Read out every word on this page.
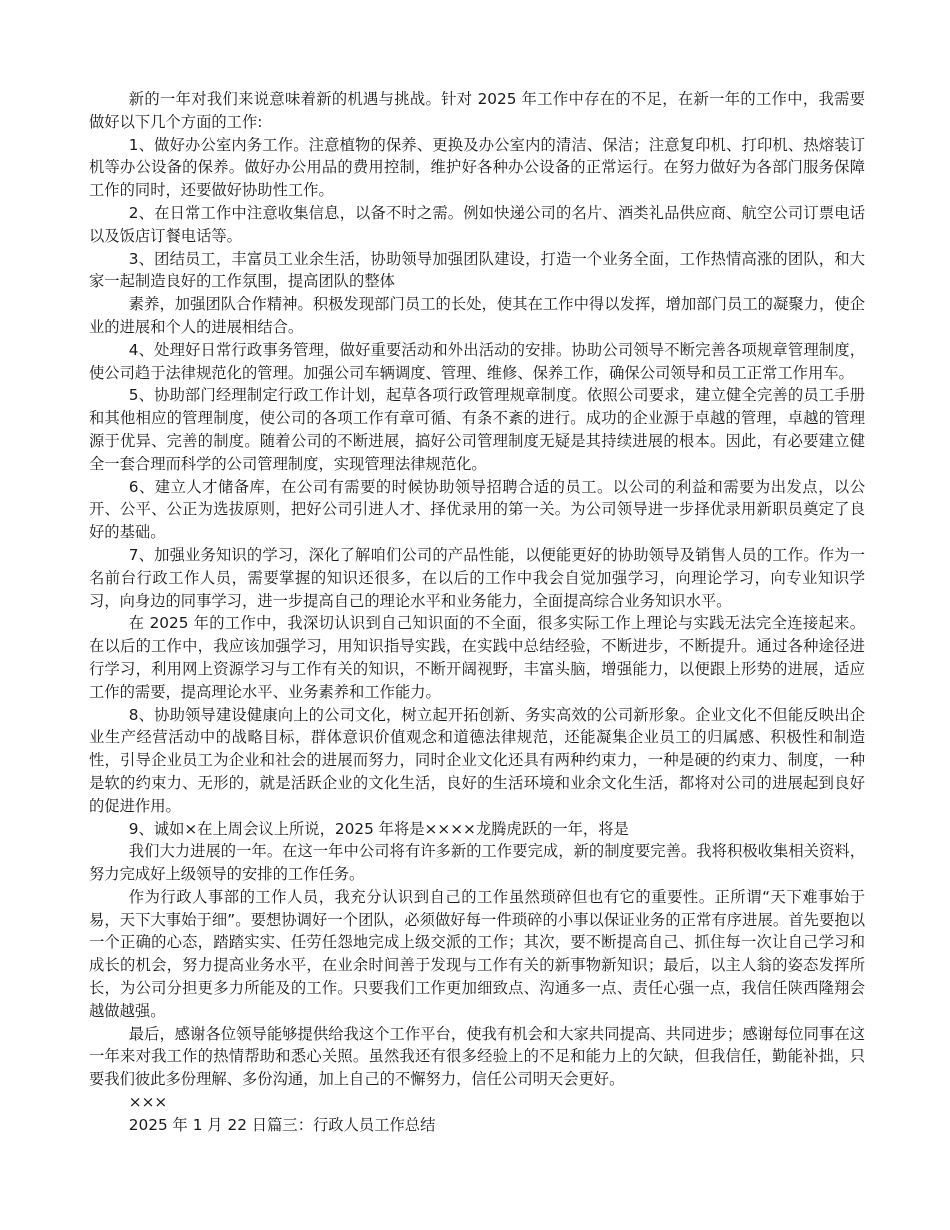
新的一年对我们来说意味着新的机遇与挑战。针对 2025 年工作中存在的不足，在新一年的工作中，我需要做好以下几个方面的工作:

1、做好办公室内务工作。注意植物的保养、更换及办公室内的清洁、保洁；注意复印机、打印机、热熔装订机等办公设备的保养。做好办公用品的费用控制，维护好各种办公设备的正常运行。在努力做好为各部门服务保障工作的同时，还要做好协助性工作。

2、在日常工作中注意收集信息，以备不时之需。例如快递公司的名片、酒类礼品供应商、航空公司订票电话以及饭店订餐电话等。

3、团结员工，丰富员工业余生活，协助领导加强团队建设，打造一个业务全面，工作热情高涨的团队，和大家一起制造良好的工作氛围，提高团队的整体

素养，加强团队合作精神。积极发现部门员工的长处，使其在工作中得以发挥，增加部门员工的凝聚力，使企业的进展和个人的进展相结合。

4、处理好日常行政事务管理，做好重要活动和外出活动的安排。协助公司领导不断完善各项规章管理制度，使公司趋于法律规范化的管理。加强公司车辆调度、管理、维修、保养工作，确保公司领导和员工正常工作用车。

5、协助部门经理制定行政工作计划，起草各项行政管理规章制度。依照公司要求，建立健全完善的员工手册和其他相应的管理制度，使公司的各项工作有章可循、有条不紊的进行。成功的企业源于卓越的管理，卓越的管理源于优异、完善的制度。随着公司的不断进展，搞好公司管理制度无疑是其持续进展的根本。因此，有必要建立健全一套合理而科学的公司管理制度，实现管理法律规范化。

6、建立人才储备库，在公司有需要的时候协助领导招聘合适的员工。以公司的利益和需要为出发点，以公开、公平、公正为选拔原则，把好公司引进人才、择优录用的第一关。为公司领导进一步择优录用新职员奠定了良好的基础。

7、加强业务知识的学习，深化了解咱们公司的产品性能，以便能更好的协助领导及销售人员的工作。作为一名前台行政工作人员，需要掌握的知识还很多，在以后的工作中我会自觉加强学习，向理论学习，向专业知识学习，向身边的同事学习，进一步提高自己的理论水平和业务能力，全面提高综合业务知识水平。

在 2025 年的工作中，我深切认识到自己知识面的不全面，很多实际工作上理论与实践无法完全连接起来。在以后的工作中，我应该加强学习，用知识指导实践，在实践中总结经验，不断进步，不断提升。通过各种途径进行学习，利用网上资源学习与工作有关的知识，不断开阔视野，丰富头脑，增强能力，以便跟上形势的进展，适应工作的需要，提高理论水平、业务素养和工作能力。

8、协助领导建设健康向上的公司文化，树立起开拓创新、务实高效的公司新形象。企业文化不但能反映出企业生产经营活动中的战略目标，群体意识价值观念和道德法律规范，还能凝集企业员工的归属感、积极性和制造性，引导企业员工为企业和社会的进展而努力，同时企业文化还具有两种约束力，一种是硬的约束力、制度，一种是软的约束力、无形的，就是活跃企业的文化生活，良好的生活环境和业余文化生活，都将对公司的进展起到良好的促进作用。

9、诚如×在上周会议上所说，2025 年将是××××龙腾虎跃的一年，将是

我们大力进展的一年。在这一年中公司将有许多新的工作要完成，新的制度要完善。我将积极收集相关资料，努力完成好上级领导的安排的工作任务。

作为行政人事部的工作人员，我充分认识到自己的工作虽然琐碎但也有它的重要性。正所谓“天下难事始于易，天下大事始于细”。要想协调好一个团队，必须做好每一件琐碎的小事以保证业务的正常有序进展。首先要抱以一个正确的心态，踏踏实实、任劳任怨地完成上级交派的工作；其次，要不断提高自己、抓住每一次让自己学习和成长的机会，努力提高业务水平，在业余时间善于发现与工作有关的新事物新知识；最后，以主人翁的姿态发挥所长，为公司分担更多力所能及的工作。只要我们工作更加细致点、沟通多一点、责任心强一点，我信任陕西隆翔会越做越强。

最后，感谢各位领导能够提供给我这个工作平台，使我有机会和大家共同提高、共同进步；感谢每位同事在这一年来对我工作的热情帮助和悉心关照。虽然我还有很多经验上的不足和能力上的欠缺，但我信任，勤能补拙，只要我们彼此多份理解、多份沟通，加上自己的不懈努力，信任公司明天会更好。

×××

2025 年 1 月 22 日篇三：行政人员工作总结
